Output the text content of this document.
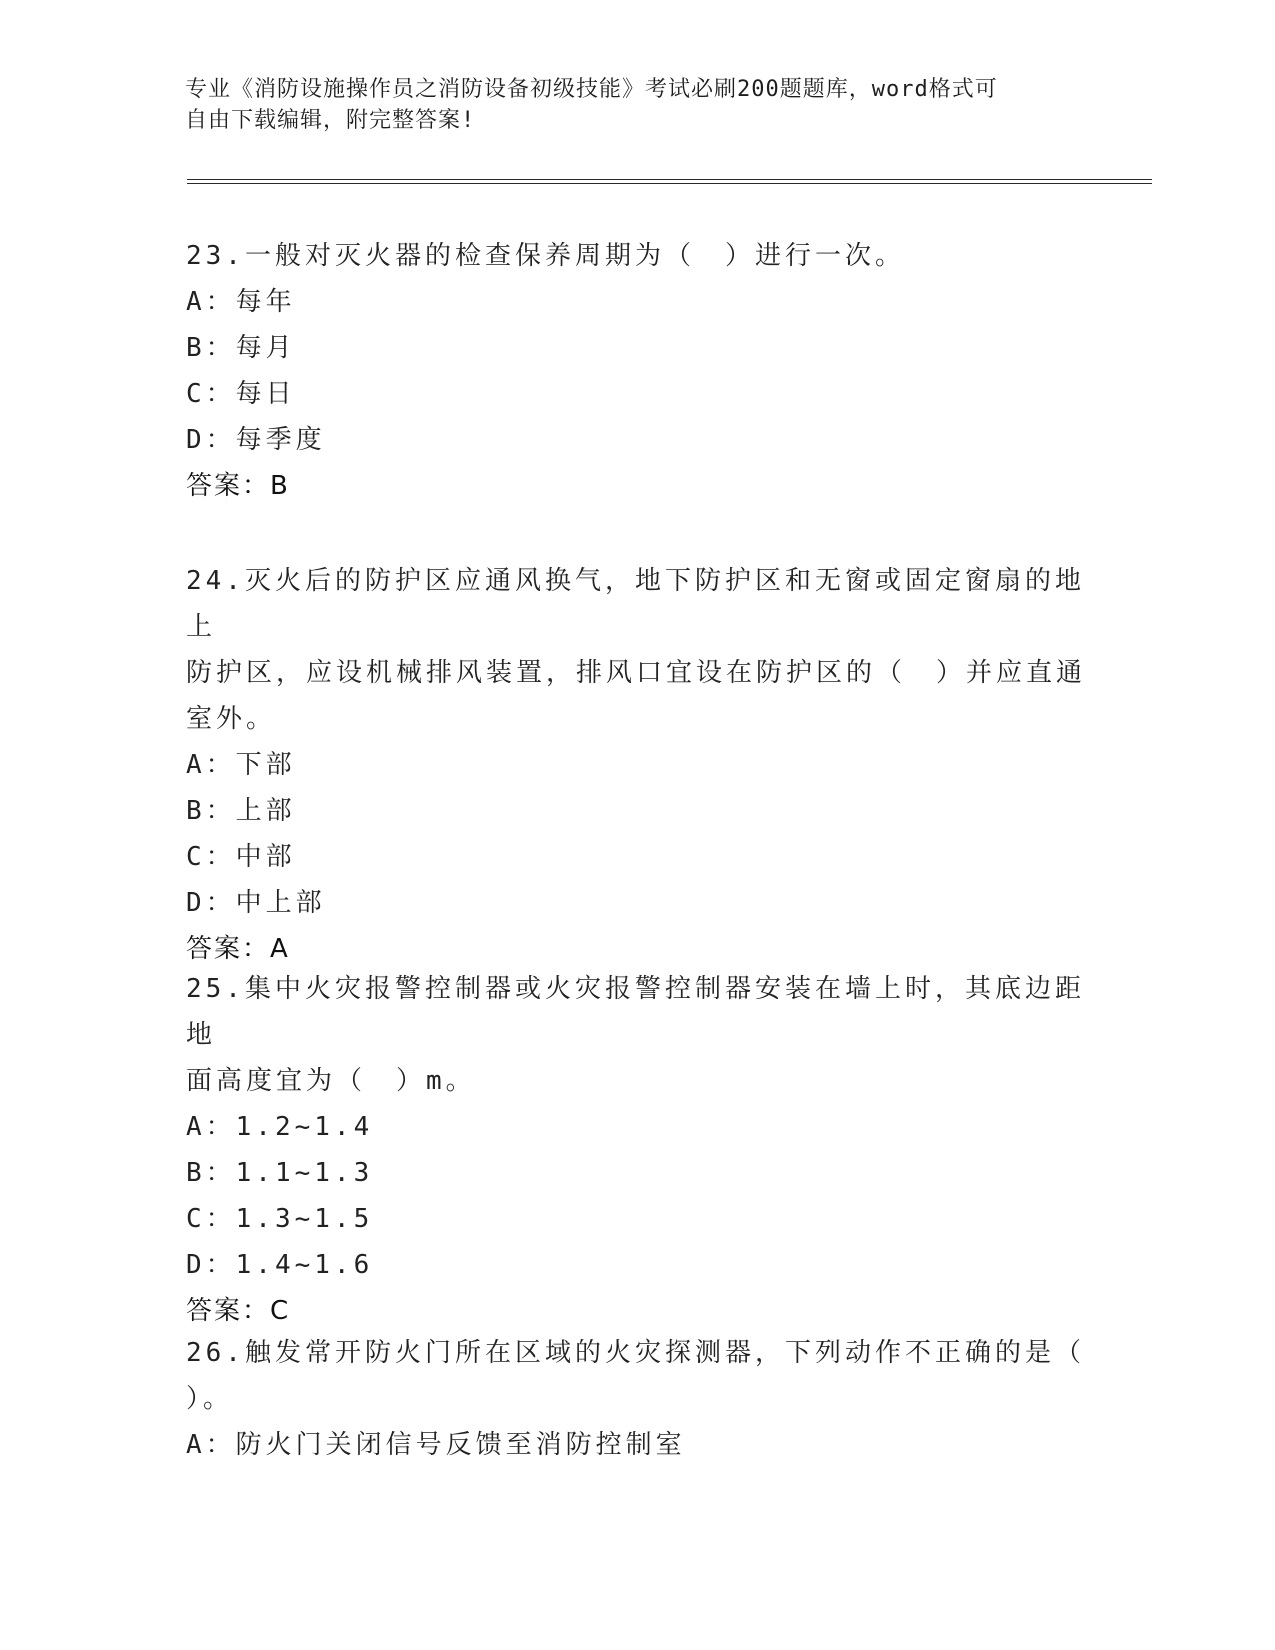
专业《消防设施操作员之消防设备初级技能》考试必刷200题题库，word格式可
自由下载编辑，附完整答案!
23.一般对灭火器的检查保养周期为（　）进行一次。
A：每年
B：每月
C：每日
D：每季度
答案：B
24.灭火后的防护区应通风换气，地下防护区和无窗或固定窗扇的地上
防护区，应设机械排风装置，排风口宜设在防护区的（　）并应直通
室外。
A：下部
B：上部
C：中部
D：中上部
答案：A
25.集中火灾报警控制器或火灾报警控制器安装在墙上时，其底边距地
面高度宜为（　）m。
A：1.2~1.4
B：1.1~1.3
C：1.3~1.5
D：1.4~1.6
答案：C
26.触发常开防火门所在区域的火灾探测器，下列动作不正确的是（
）。
A：防火门关闭信号反馈至消防控制室
